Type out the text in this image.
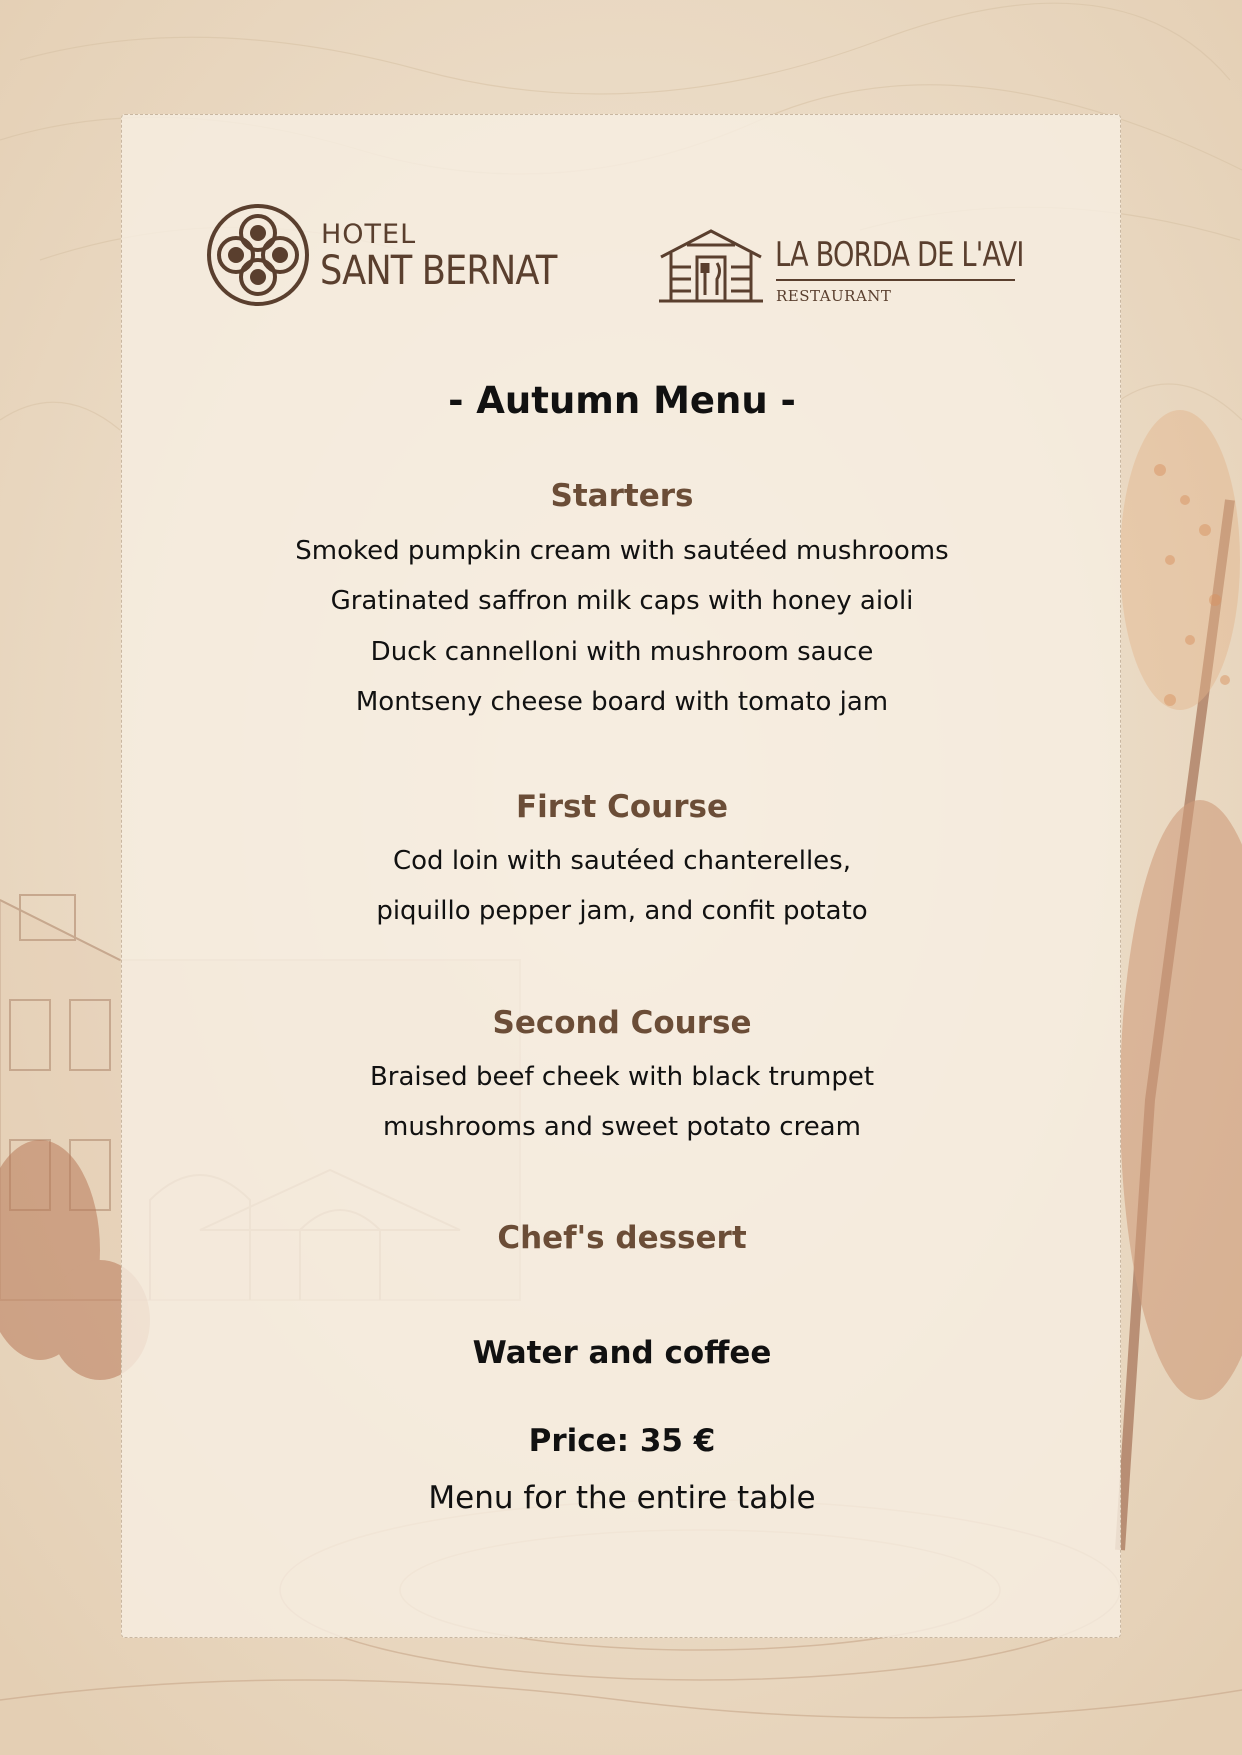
HOTEL
SANT BERNAT	LA BORDA DE L'AVI
RESTAURANT
- Autumn Menu -
Starters
Smoked pumpkin cream with sautéed mushrooms
Gratinated saffron milk caps with honey aioli
Duck cannelloni with mushroom sauce
Montseny cheese board with tomato jam
First Course
Cod loin with sautéed chanterelles,
piquillo pepper jam, and confit potato
Second Course
Braised beef cheek with black trumpet
mushrooms and sweet potato cream
Chef's dessert
Water and coffee
Price: 35 €
Menu for the entire table
